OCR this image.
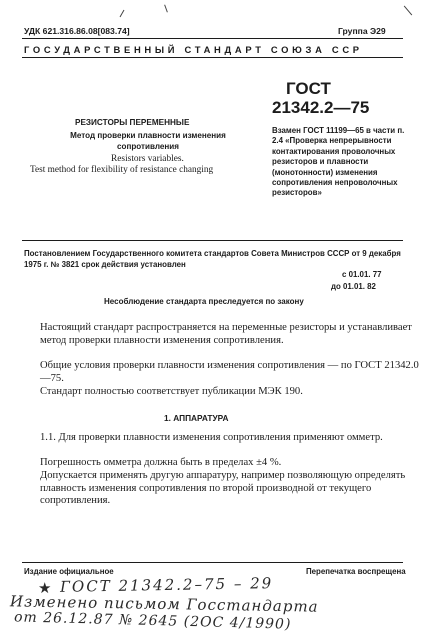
УДК 621.316.86.08[083.74]	Группа Э29
ГОСУДАРСТВЕННЫЙ СТАНДАРТ СОЮЗА ССР
ГОСТ
21342.2—75
Взамен ГОСТ 11199—65 в части п. 2.4 «Проверка непрерывности контактирования проволочных резисторов и плавности (монотонности) изменения сопротивления непроволочных резисторов»
РЕЗИСТОРЫ ПЕРЕМЕННЫЕ
Метод проверки плавности изменения сопротивления
Resistors variables.
Test method for flexibility of resistance changing
Постановлением Государственного комитета стандартов Совета Министров СССР от 9 декабря 1975 г. № 3821 срок действия установлен
с 01.01. 77
до 01.01. 82
Несоблюдение стандарта преследуется по закону
Настоящий стандарт распространяется на переменные резисторы и устанавливает метод проверки плавности изменения сопротивления.
Общие условия проверки плавности изменения сопротивления — по ГОСТ 21342.0—75.
Стандарт полностью соответствует публикации МЭК 190.
1. АППАРАТУРА
1.1. Для проверки плавности изменения сопротивления применяют омметр.
Погрешность омметра должна быть в пределах ±4 %.
Допускается применять другую аппаратуру, например позволяющую определять плавность изменения сопротивления по второй производной от текущего сопротивления.
Издание официальное	Перепечатка воспрещена
★ ГОСТ 21342.2–75 – 29
Изменено письмом Госстандарта
от 26.12.87 № 2645 (2ОС 4/1990)
